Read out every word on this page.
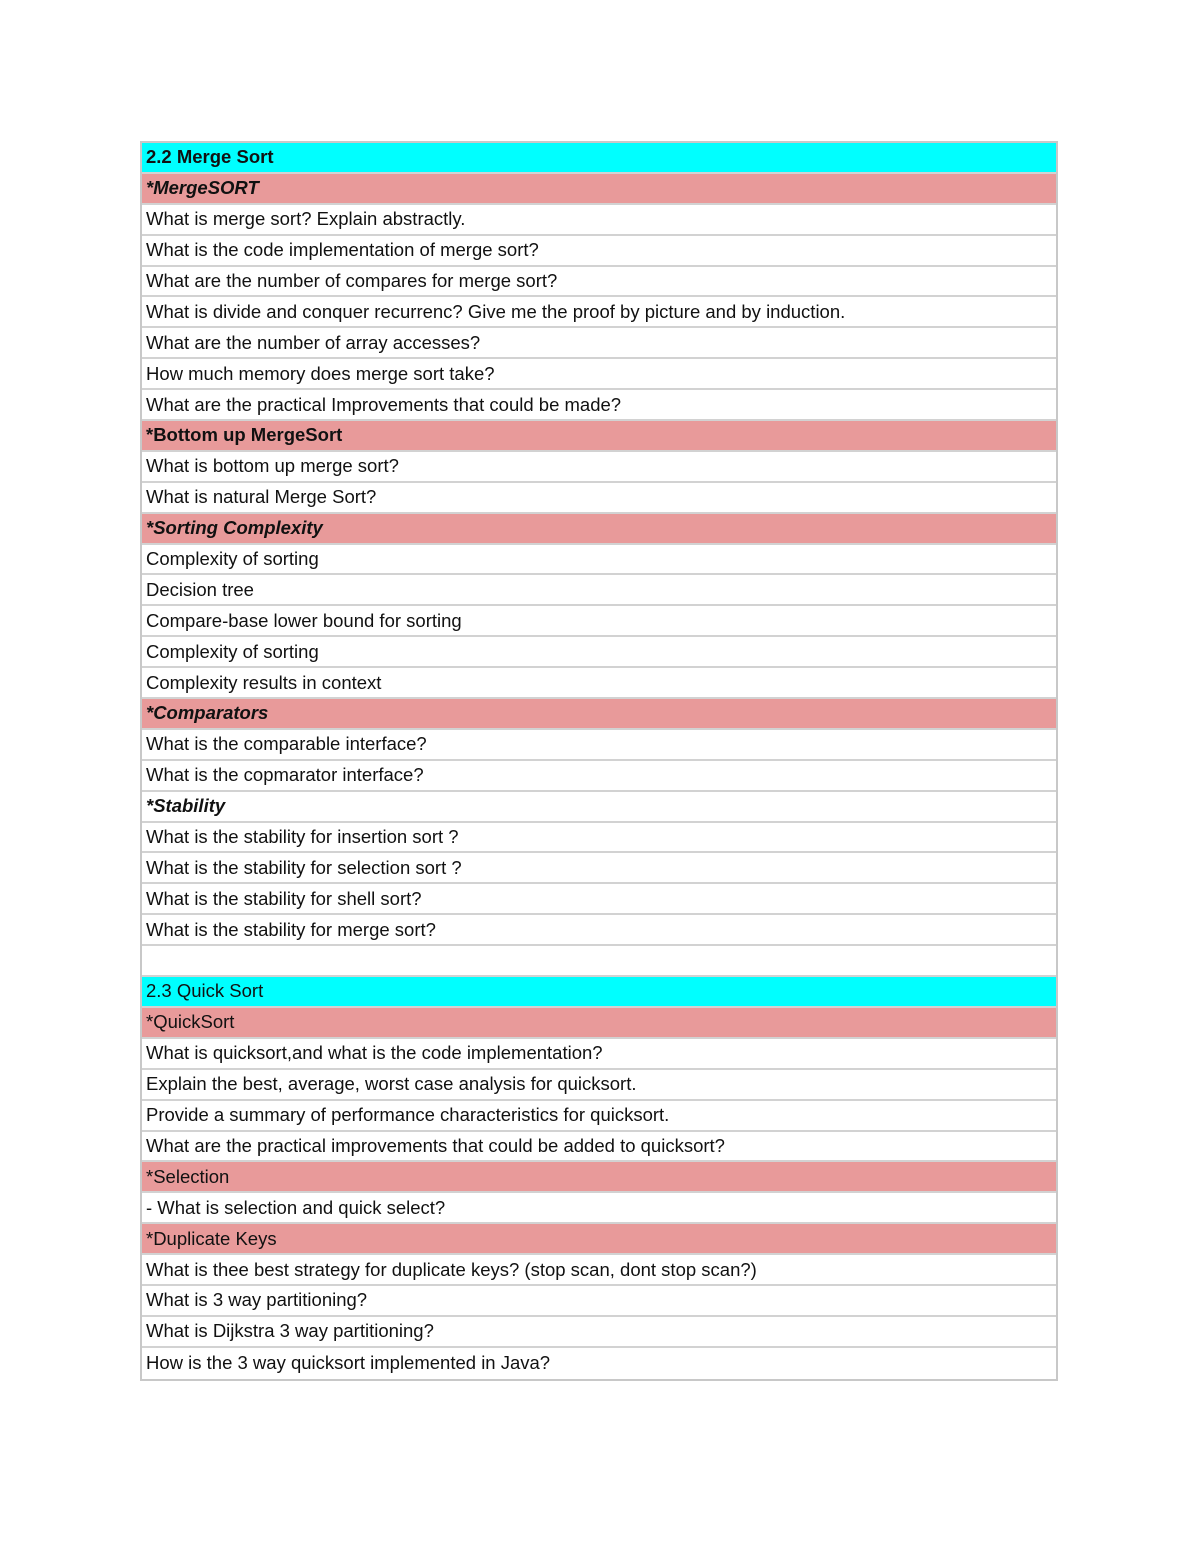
2.2 Merge Sort
*MergeSORT
What is merge sort? Explain abstractly.
What is the code implementation of merge sort?
What are the number of compares for merge sort?
What is divide and conquer recurrenc? Give me the proof by picture and by induction.
What are the number of array accesses?
How much memory does merge sort take?
What are the practical Improvements that could be made?
*Bottom up MergeSort
What is bottom up merge sort?
What is natural Merge Sort?
*Sorting Complexity
Complexity of sorting
Decision tree
Compare-base lower bound for sorting
Complexity of sorting
Complexity results in context
*Comparators
What is the comparable interface?
What is the copmarator interface?
*Stability
What is the stability for insertion sort ?
What is the stability for selection sort ?
What is the stability for shell sort?
What is the stability for merge sort?
2.3 Quick Sort
*QuickSort
What is quicksort,and what is the code implementation?
Explain the best, average, worst case analysis for quicksort.
Provide a summary of performance characteristics for quicksort.
What are the practical improvements that could be added to quicksort?
*Selection
- What is selection and quick select?
*Duplicate Keys
What is thee best strategy for duplicate keys? (stop scan, dont stop scan?)
What is 3 way partitioning?
What is Dijkstra 3 way partitioning?
How is the 3 way quicksort implemented in Java?
